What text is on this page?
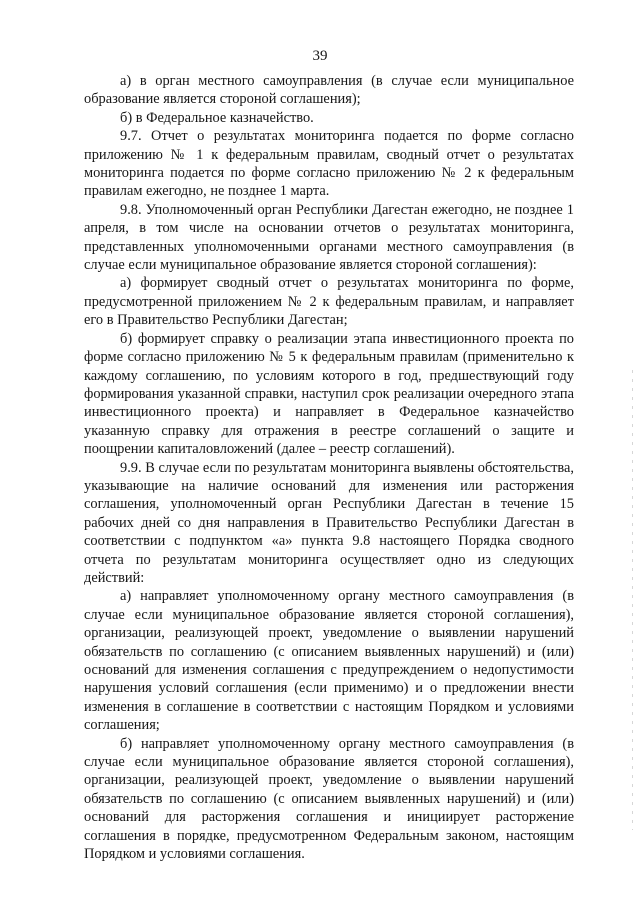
39

а) в орган местного самоуправления (в случае если муниципальное образование является стороной соглашения);

б) в Федеральное казначейство.

9.7. Отчет о результатах мониторинга подается по форме согласно приложению № 1 к федеральным правилам, сводный отчет о результатах мониторинга подается по форме согласно приложению № 2 к федеральным правилам ежегодно, не позднее 1 марта.

9.8. Уполномоченный орган Республики Дагестан ежегодно, не позднее 1 апреля, в том числе на основании отчетов о результатах мониторинга, представленных уполномоченными органами местного самоуправления (в случае если муниципальное образование является стороной соглашения):

а) формирует сводный отчет о результатах мониторинга по форме, предусмотренной приложением № 2 к федеральным правилам, и направляет его в Правительство Республики Дагестан;

б) формирует справку о реализации этапа инвестиционного проекта по форме согласно приложению № 5 к федеральным правилам (применительно к каждому соглашению, по условиям которого в год, предшествующий году формирования указанной справки, наступил срок реализации очередного этапа инвестиционного проекта) и направляет в Федеральное казначейство указанную справку для отражения в реестре соглашений о защите и поощрении капиталовложений (далее – реестр соглашений).

9.9. В случае если по результатам мониторинга выявлены обстоятельства, указывающие на наличие оснований для изменения или расторжения соглашения, уполномоченный орган Республики Дагестан в течение 15 рабочих дней со дня направления в Правительство Республики Дагестан в соответствии с подпунктом «а» пункта 9.8 настоящего Порядка сводного отчета по результатам мониторинга осуществляет одно из следующих действий:

а) направляет уполномоченному органу местного самоуправления (в случае если муниципальное образование является стороной соглашения), организации, реализующей проект, уведомление о выявлении нарушений обязательств по соглашению (с описанием выявленных нарушений) и (или) оснований для изменения соглашения с предупреждением о недопустимости нарушения условий соглашения (если применимо) и о предложении внести изменения в соглашение в соответствии с настоящим Порядком и условиями соглашения;

б) направляет уполномоченному органу местного самоуправления (в случае если муниципальное образование является стороной соглашения), организации, реализующей проект, уведомление о выявлении нарушений обязательств по соглашению (с описанием выявленных нарушений) и (или) оснований для расторжения соглашения и инициирует расторжение соглашения в порядке, предусмотренном Федеральным законом, настоящим Порядком и условиями соглашения.
